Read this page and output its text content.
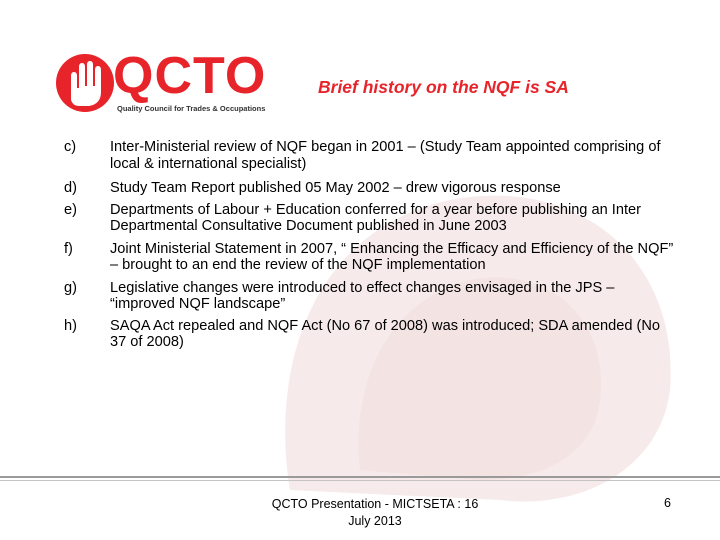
QCTO
Quality Council for Trades & Occupations
Brief history on the NQF is SA
c)	Inter-Ministerial review of NQF began in 2001 – (Study Team appointed comprising of local & international specialist)
d)	Study Team Report published 05 May 2002 – drew vigorous response
e)	Departments of Labour + Education conferred for a year before publishing an Inter Departmental Consultative Document published in June 2003
f)	Joint Ministerial Statement in 2007, “ Enhancing the Efficacy and Efficiency of the NQF” – brought to an end the review of the NQF implementation
g)	Legislative changes were introduced to effect changes envisaged in the JPS – “improved NQF landscape”
h)	SAQA Act repealed and NQF Act (No 67 of 2008) was introduced; SDA amended (No 37 of 2008)
QCTO Presentation - MICTSETA : 16
July 2013
6
